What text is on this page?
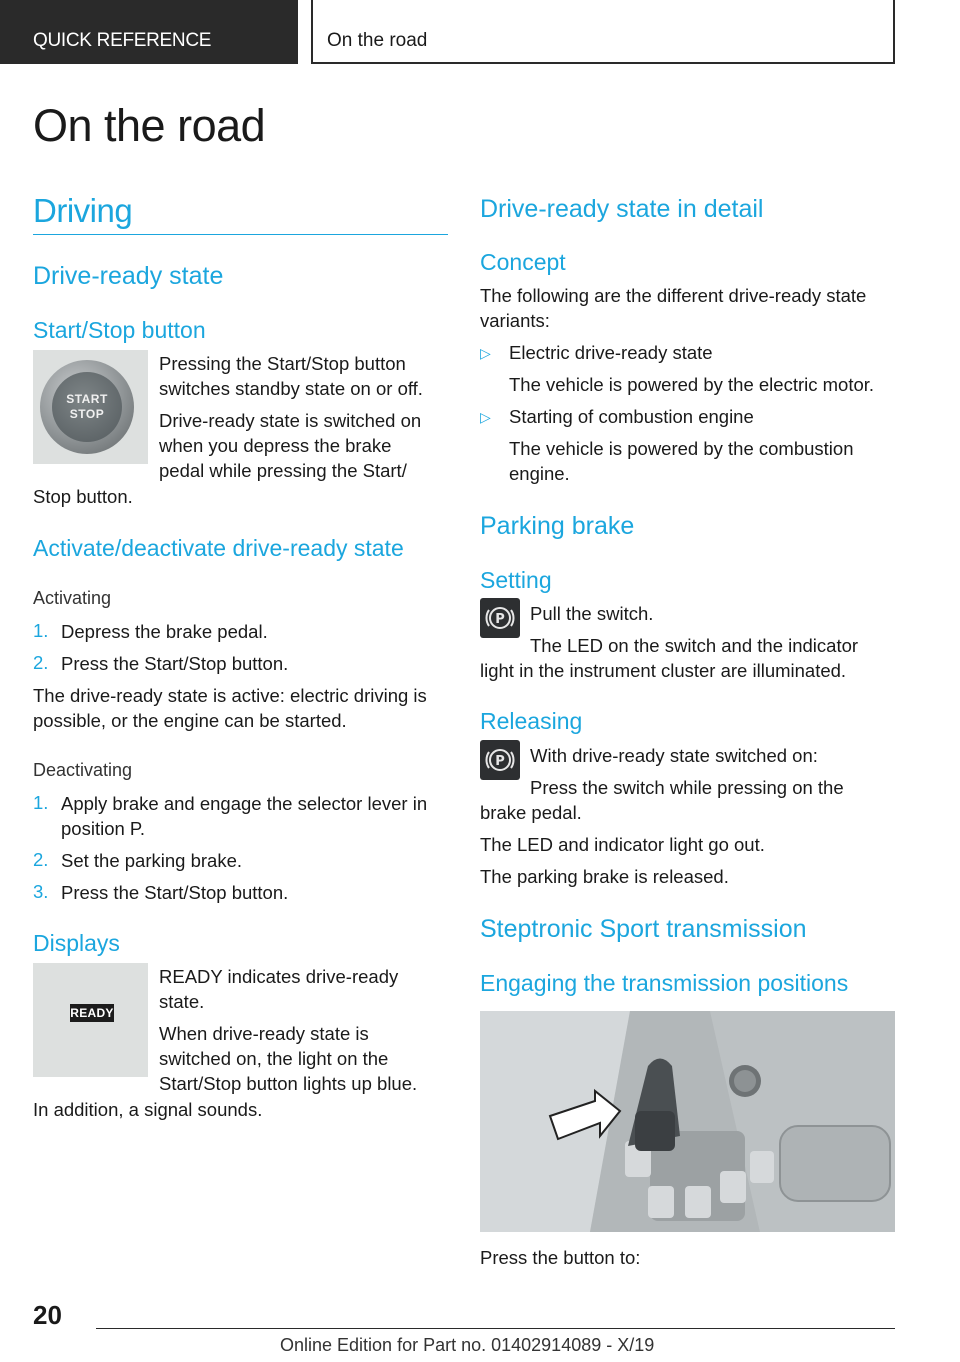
QUICK REFERENCE	On the road
On the road
Driving
Drive-ready state
Start/Stop button
START
STOP

Pressing the Start/Stop button

switches standby state on or off.

Drive-ready state is switched on

when you depress the brake

pedal while pressing the Start/

Stop button.

Activate/deactivate drive-ready state
Activating
1. Depress the brake pedal.

2. Press the Start/Stop button.

The drive-ready state is active: electric driving is

possible, or the engine can be started.

Deactivating
1. Apply brake and engage the selector lever in

position P.

2. Set the parking brake.

3. Press the Start/Stop button.

Displays
READY

READY indicates drive-ready

state.

When drive-ready state is

switched on, the light on the

Start/Stop button lights up blue.

In addition, a signal sounds.

Drive-ready state in detail
Concept

The following are the different drive-ready state

variants:

▷ Electric drive-ready state

The vehicle is powered by the electric motor.

▷ Starting of combustion engine

The vehicle is powered by the combustion

engine.

Parking brake
Setting
P Pull the switch.

The LED on the switch and the indicator

light in the instrument cluster are illuminated.

Releasing
P With drive-ready state switched on:

Press the switch while pressing on the

brake pedal.

The LED and indicator light go out.

The parking brake is released.

Steptronic Sport transmission
Engaging the transmission positions

Press the button to:

20
Online Edition for Part no. 01402914089 - X/19
